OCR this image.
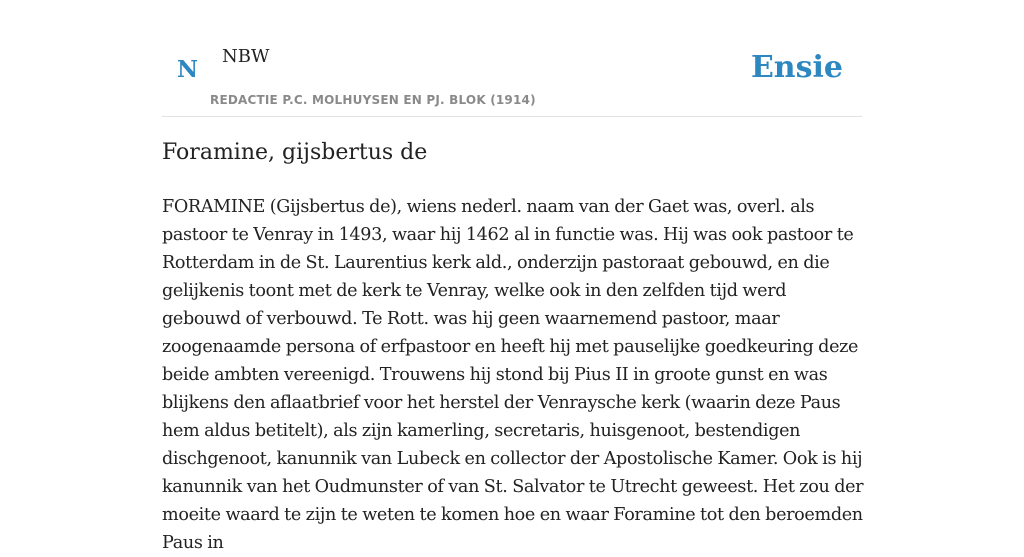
N NBW
REDACTIE P.C. MOLHUYSEN EN PJ. BLOK (1914)
Ensie
Foramine, gijsbertus de

FORAMINE (Gijsbertus de), wiens nederl. naam van der Gaet was, overl. als pastoor te Venray in 1493, waar hij 1462 al in functie was. Hij was ook pastoor te Rotterdam in de St. Laurentius kerk ald., onderzijn pastoraat gebouwd, en die gelijkenis toont met de kerk te Venray, welke ook in den zelfden tijd werd gebouwd of verbouwd. Te Rott. was hij geen waarnemend pastoor, maar zoogenaamde persona of erfpastoor en heeft hij met pauselijke goedkeuring deze beide ambten vereenigd. Trouwens hij stond bij Pius II in groote gunst en was blijkens den aflaatbrief voor het herstel der Venraysche kerk (waarin deze Paus hem aldus betitelt), als zijn kamerling, secretaris, huisgenoot, bestendigen dischgenoot, kanunnik van Lubeck en collector der Apostolische Kamer. Ook is hij kanunnik van het Oudmunster of van St. Salvator te Utrecht geweest. Het zou der moeite waard te zijn te weten te komen hoe en waar Foramine tot den beroemden Paus in
